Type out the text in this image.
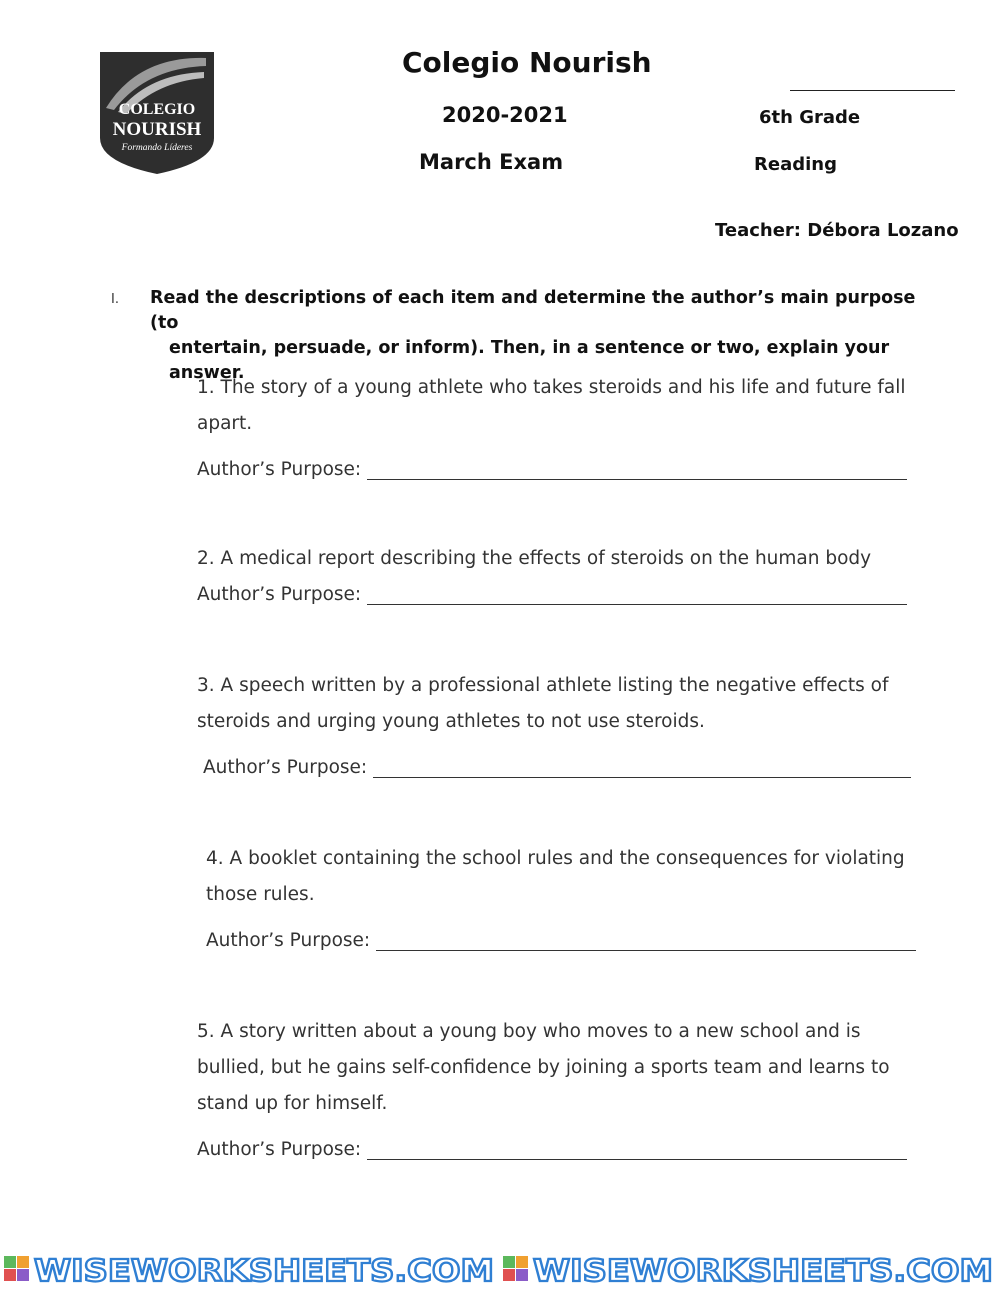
COLEGIO
NOURISH
Formando Líderes
Colegio Nourish
2020-2021
March Exam
6th Grade
Reading
Teacher: Débora Lozano
I. Read the descriptions of each item and determine the author’s main purpose (to
entertain, persuade, or inform). Then, in a sentence or two, explain your answer.

1. The story of a young athlete who takes steroids and his life and future fall apart.

Author’s Purpose:

2. A medical report describing the effects of steroids on the human body

Author’s Purpose:

3. A speech written by a professional athlete listing the negative effects of steroids and urging young athletes to not use steroids.

Author’s Purpose:

4. A booklet containing the school rules and the consequences for violating those rules.

Author’s Purpose:

5. A story written about a young boy who moves to a new school and is bullied, but he gains self-confidence by joining a sports team and learns to stand up for himself.

Author’s Purpose:
WISEWORKSHEETS.COM WISEWORKSHEETS.COM
